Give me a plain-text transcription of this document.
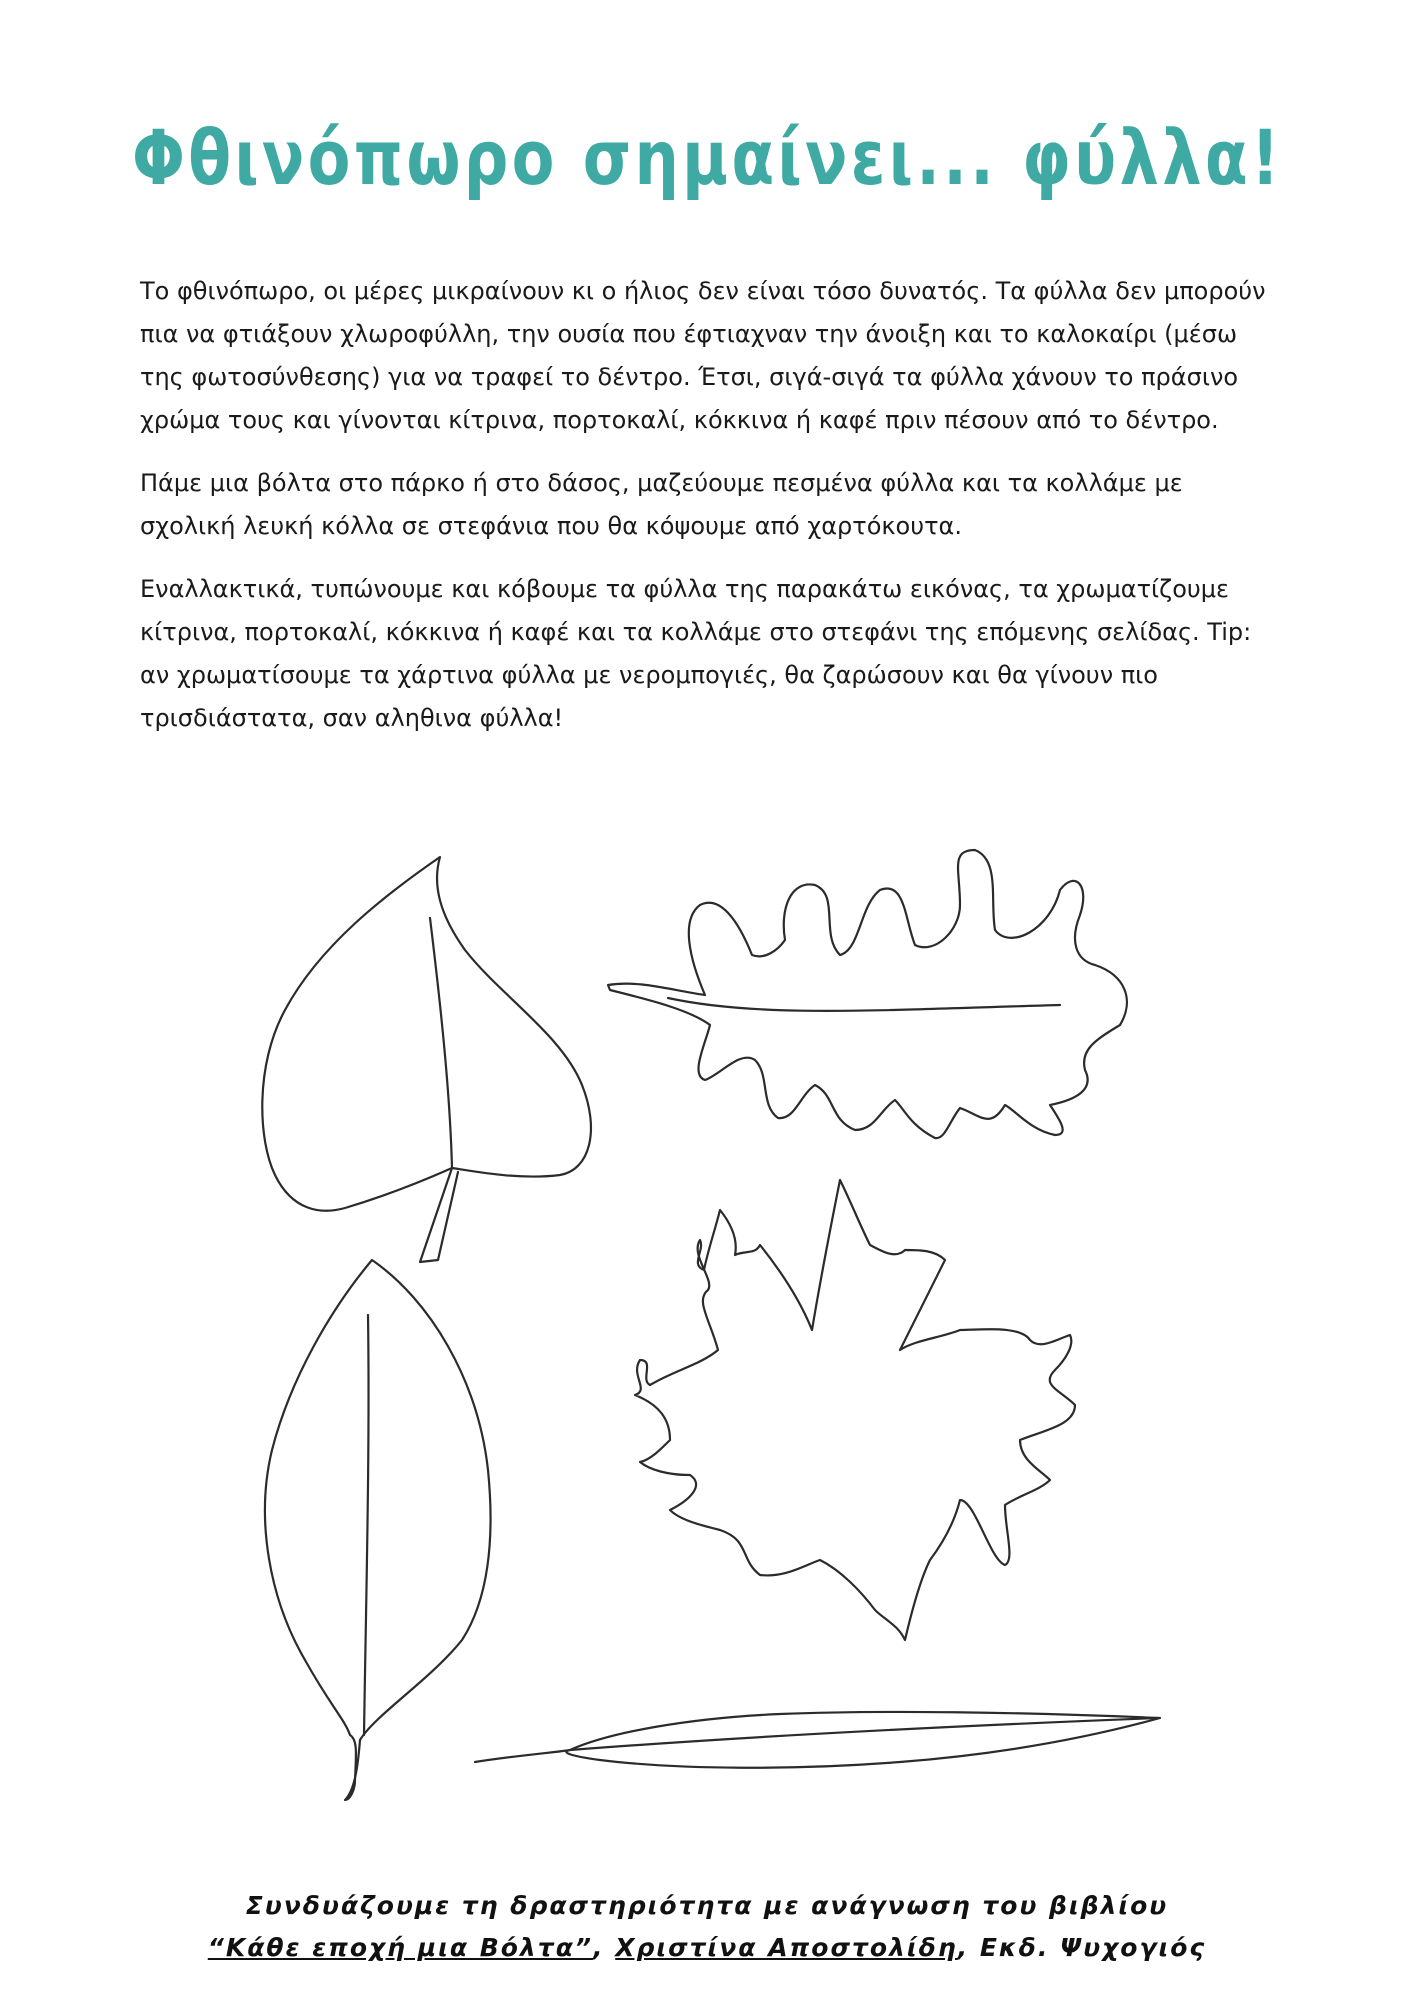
Φθινόπωρο σημαίνει... φύλλα!

Το φθινόπωρο, οι μέρες μικραίνουν κι ο ήλιος δεν είναι τόσο δυνατός. Τα φύλλα δεν μπορούν πια να φτιάξουν χλωροφύλλη, την ουσία που έφτιαχναν την άνοιξη και το καλοκαίρι (μέσω της φωτοσύνθεσης) για να τραφεί το δέντρο. Έτσι, σιγά-σιγά τα φύλλα χάνουν το πράσινο χρώμα τους και γίνονται κίτρινα, πορτοκαλί, κόκκινα ή καφέ πριν πέσουν από το δέντρο.

Πάμε μια βόλτα στο πάρκο ή στο δάσος, μαζεύουμε πεσμένα φύλλα και τα κολλάμε με σχολική λευκή κόλλα σε στεφάνια που θα κόψουμε από χαρτόκουτα.

Εναλλακτικά, τυπώνουμε και κόβουμε τα φύλλα της παρακάτω εικόνας, τα χρωματίζουμε κίτρινα, πορτοκαλί, κόκκινα ή καφέ και τα κολλάμε στο στεφάνι της επόμενης σελίδας. Tip: αν χρωματίσουμε τα χάρτινα φύλλα με νερομπογιές, θα ζαρώσουν και θα γίνουν πιο τρισδιάστατα, σαν αληθινα φύλλα!

Συνδυάζουμε τη δραστηριότητα με ανάγνωση του βιβλίου
“Κάθε εποχή μια Βόλτα”, Χριστίνα Αποστολίδη, Εκδ. Ψυχογιός
